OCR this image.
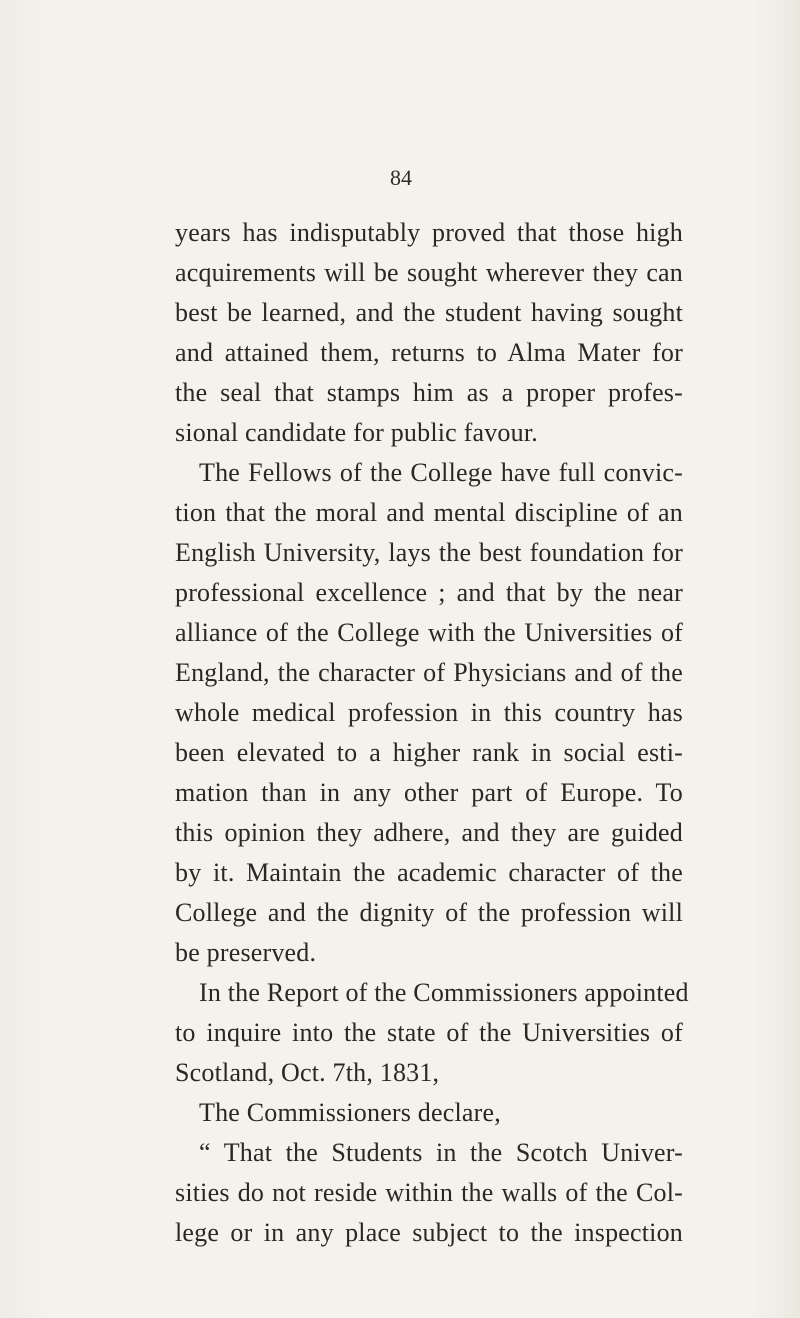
84
years has indisputably proved that those high
acquirements will be sought wherever they can
best be learned, and the student having sought
and attained them, returns to Alma Mater for
the seal that stamps him as a proper profes-
sional candidate for public favour.
The Fellows of the College have full convic-
tion that the moral and mental discipline of an
English University, lays the best foundation for
professional excellence ; and that by the near
alliance of the College with the Universities of
England, the character of Physicians and of the
whole medical profession in this country has
been elevated to a higher rank in social esti-
mation than in any other part of Europe. To
this opinion they adhere, and they are guided
by it. Maintain the academic character of the
College and the dignity of the profession will
be preserved.
In the Report of the Commissioners appointed
to inquire into the state of the Universities of
Scotland, Oct. 7th, 1831,
The Commissioners declare,
“ That the Students in the Scotch Univer-
sities do not reside within the walls of the Col-
lege or in any place subject to the inspection
